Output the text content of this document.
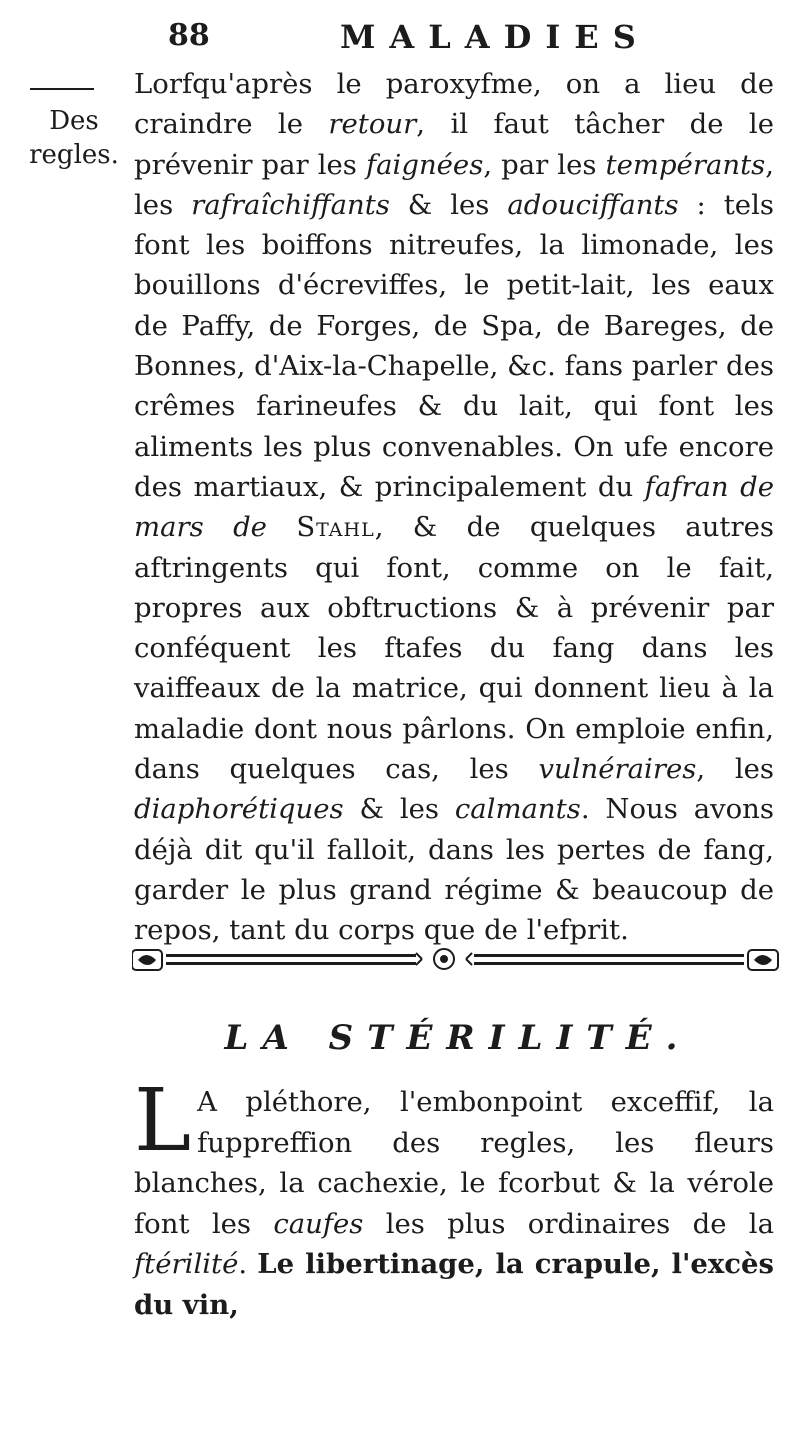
88	MALADIES
Des regles.

Lorfqu'après le paroxyfme, on a lieu de craindre le retour, il faut tâcher de le prévenir par les faignées, par les tempérants, les rafraîchiffants & les adouciffants : tels font les boiffons nitreufes, la limonade, les bouillons d'écreviffes, le petit-lait, les eaux de Paffy, de Forges, de Spa, de Bareges, de Bonnes, d'Aix-la-Chapelle, &c. fans parler des crêmes farineufes & du lait, qui font les aliments les plus convenables. On ufe encore des martiaux, & principalement du fafran de mars de Stahl, & de quelques autres aftringents qui font, comme on le fait, propres aux obftructions & à prévenir par conféquent les ftafes du fang dans les vaiffeaux de la matrice, qui donnent lieu à la maladie dont nous pârlons. On emploie enfin, dans quelques cas, les vulnéraires, les diaphorétiques & les calmants. Nous avons déjà dit qu'il falloit, dans les pertes de fang, garder le plus grand régime & beaucoup de repos, tant du corps que de l'efprit.

LA STÉRILITÉ.

L A pléthore, l'embonpoint exceffif, la fuppreffion des regles, les fleurs blanches, la cachexie, le fcorbut & la vérole font les caufes les plus ordinaires de la ftérilité. Le libertinage, la crapule, l'excès du vin,
